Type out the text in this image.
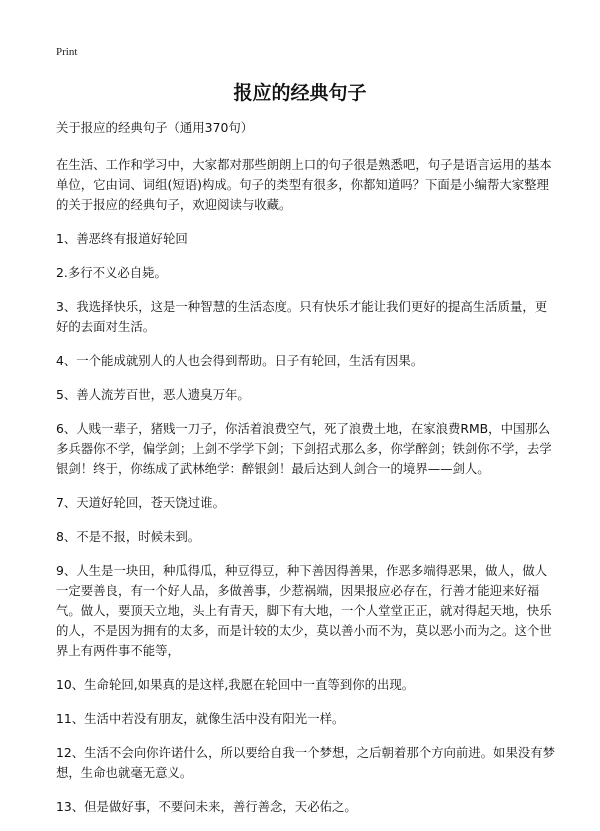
Print
报应的经典句子

关于报应的经典句子（通用370句）

在生活、工作和学习中，大家都对那些朗朗上口的句子很是熟悉吧，句子是语言运用的基本单位，它由词、词组(短语)构成。句子的类型有很多，你都知道吗？下面是小编帮大家整理的关于报应的经典句子，欢迎阅读与收藏。

1、善恶终有报道好轮回

2.多行不义必自毙。

3、我选择快乐，这是一种智慧的生活态度。只有快乐才能让我们更好的提高生活质量，更好的去面对生活。

4、一个能成就别人的人也会得到帮助。日子有轮回，生活有因果。

5、善人流芳百世，恶人遗臭万年。

6、人贱一辈子，猪贱一刀子，你活着浪费空气，死了浪费土地，在家浪费RMB，中国那么多兵器你不学，偏学剑；上剑不学学下剑；下剑招式那么多，你学醉剑；铁剑你不学，去学银剑！终于，你练成了武林绝学：醉银剑！最后达到人剑合一的境界——剑人。

7、天道好轮回，苍天饶过谁。

8、不是不报，时候未到。

9、人生是一块田，种瓜得瓜，种豆得豆，种下善因得善果，作恶多端得恶果，做人，做人一定要善良，有一个好人品，多做善事，少惹祸端，因果报应必存在，行善才能迎来好福气。做人，要顶天立地，头上有青天，脚下有大地，一个人堂堂正正，就对得起天地，快乐的人，不是因为拥有的太多，而是计较的太少，莫以善小而不为，莫以恶小而为之。这个世界上有两件事不能等，

10、生命轮回,如果真的是这样,我愿在轮回中一直等到你的出现。

11、生活中若没有朋友，就像生活中没有阳光一样。

12、生活不会向你许诺什么，所以要给自我一个梦想，之后朝着那个方向前进。如果没有梦想，生命也就毫无意义。

13、但是做好事，不要问未来，善行善念，天必佑之。
